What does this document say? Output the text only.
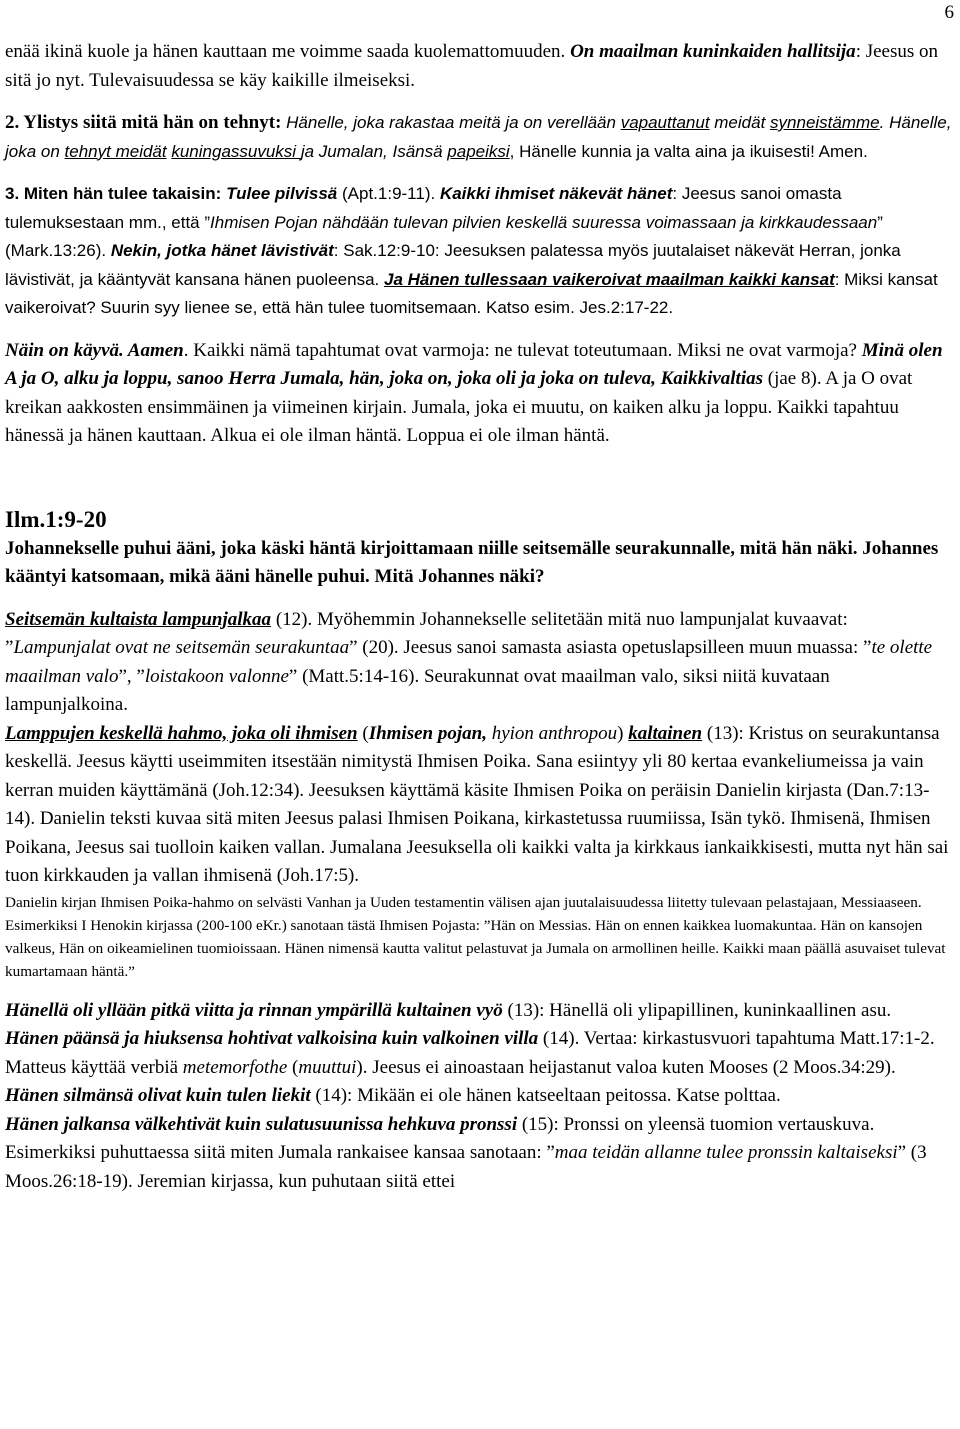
6

enää ikinä kuole ja hänen kauttaan me voimme saada kuolemattomuuden. On maailman kuninkaiden hallitsija: Jeesus on sitä jo nyt. Tulevaisuudessa se käy kaikille ilmeiseksi.

2. Ylistys siitä mitä hän on tehnyt: Hänelle, joka rakastaa meitä ja on verellään vapauttanut meidät synneistämme. Hänelle, joka on tehnyt meidät kuningassuvuksi ja Jumalan, Isänsä papeiksi, Hänelle kunnia ja valta aina ja ikuisesti! Amen.

3. Miten hän tulee takaisin: Tulee pilvissä (Apt.1:9-11). Kaikki ihmiset näkevät hänet: Jeesus sanoi omasta tulemuksestaan mm., että ”Ihmisen Pojan nähdään tulevan pilvien keskellä suuressa voimassaan ja kirkkaudessaan” (Mark.13:26). Nekin, jotka hänet lävistivät: Sak.12:9-10: Jeesuksen palatessa myös juutalaiset näkevät Herran, jonka lävistivät, ja kääntyvät kansana hänen puoleensa. Ja Hänen tullessaan vaikeroivat maailman kaikki kansat: Miksi kansat vaikeroivat? Suurin syy lienee se, että hän tulee tuomitsemaan. Katso esim. Jes.2:17-22.

Näin on käyvä. Aamen. Kaikki nämä tapahtumat ovat varmoja: ne tulevat toteutumaan. Miksi ne ovat varmoja? Minä olen A ja O, alku ja loppu, sanoo Herra Jumala, hän, joka on, joka oli ja joka on tuleva, Kaikkivaltias (jae 8). A ja O ovat kreikan aakkosten ensimmäinen ja viimeinen kirjain. Jumala, joka ei muutu, on kaiken alku ja loppu. Kaikki tapahtuu hänessä ja hänen kauttaan. Alkua ei ole ilman häntä. Loppua ei ole ilman häntä.

Ilm.1:9-20

Johannekselle puhui ääni, joka käski häntä kirjoittamaan niille seitsemälle seurakunnalle, mitä hän näki. Johannes kääntyi katsomaan, mikä ääni hänelle puhui. Mitä Johannes näki?

Seitsemän kultaista lampunjalkaa (12). Myöhemmin Johannekselle selitetään mitä nuo lampunjalat kuvaavat: ”Lampunjalat ovat ne seitsemän seurakuntaa” (20). Jeesus sanoi samasta asiasta opetuslapsilleen muun muassa: ”te olette maailman valo”, ”loistakoon valonne” (Matt.5:14-16). Seurakunnat ovat maailman valo, siksi niitä kuvataan lampunjalkoina.

Lamppujen keskellä hahmo, joka oli ihmisen (Ihmisen pojan, hyion anthropou) kaltainen (13): Kristus on seurakuntansa keskellä. Jeesus käytti useimmiten itsestään nimitystä Ihmisen Poika. Sana esiintyy yli 80 kertaa evankeliumeissa ja vain kerran muiden käyttämänä (Joh.12:34). Jeesuksen käyttämä käsite Ihmisen Poika on peräisin Danielin kirjasta (Dan.7:13-14). Danielin teksti kuvaa sitä miten Jeesus palasi Ihmisen Poikana, kirkastetussa ruumiissa, Isän tykö. Ihmisenä, Ihmisen Poikana, Jeesus sai tuolloin kaiken vallan. Jumalana Jeesuksella oli kaikki valta ja kirkkaus iankaikkisesti, mutta nyt hän sai tuon kirkkauden ja vallan ihmisenä (Joh.17:5).

Danielin kirjan Ihmisen Poika-hahmo on selvästi Vanhan ja Uuden testamentin välisen ajan juutalaisuudessa liitetty tulevaan pelastajaan, Messiaaseen. Esimerkiksi I Henokin kirjassa (200-100 eKr.) sanotaan tästä Ihmisen Pojasta: ”Hän on Messias. Hän on ennen kaikkea luomakuntaa. Hän on kansojen valkeus, Hän on oikeamielinen tuomioissaan. Hänen nimensä kautta valitut pelastuvat ja Jumala on armollinen heille. Kaikki maan päällä asuvaiset tulevat kumartamaan häntä.”

Hänellä oli yllään pitkä viitta ja rinnan ympärillä kultainen vyö (13): Hänellä oli ylipapillinen, kuninkaallinen asu.

Hänen päänsä ja hiuksensa hohtivat valkoisina kuin valkoinen villa (14). Vertaa: kirkastusvuori tapahtuma Matt.17:1-2. Matteus käyttää verbiä metemorfothe (muuttui). Jeesus ei ainoastaan heijastanut valoa kuten Mooses (2 Moos.34:29).

Hänen silmänsä olivat kuin tulen liekit (14): Mikään ei ole hänen katseeltaan peitossa. Katse polttaa.

Hänen jalkansa välkehtivät kuin sulatusuunissa hehkuva pronssi (15): Pronssi on yleensä tuomion vertauskuva. Esimerkiksi puhuttaessa siitä miten Jumala rankaisee kansaa sanotaan: ”maa teidän allanne tulee pronssin kaltaiseksi” (3 Moos.26:18-19). Jeremian kirjassa, kun puhutaan siitä ettei
